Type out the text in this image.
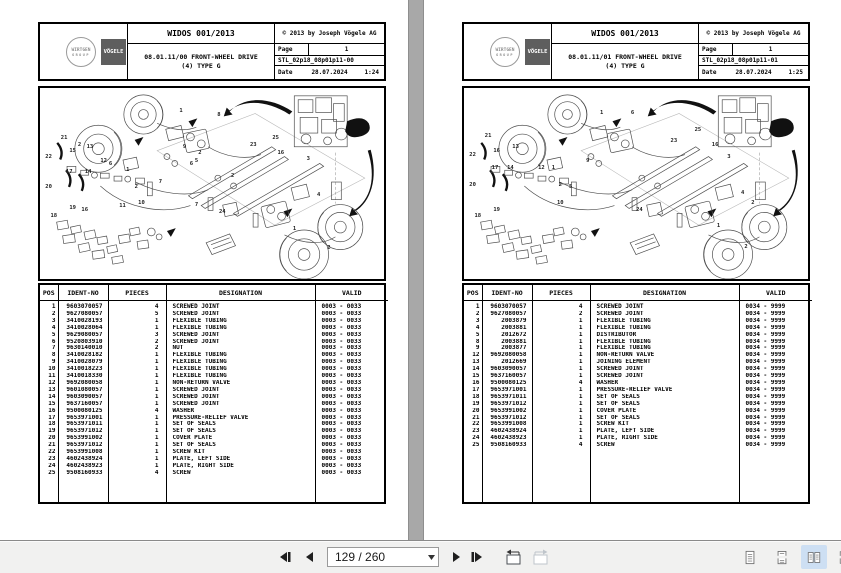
WIRTGEN
GROUP VÖGELE
WIDOS 001/2013
08.01.11/00 FRONT-WHEEL DRIVE
(4) TYPE G
© 2013 by Joseph Vögele AG
Page	1
STL_02p18_08p01p11-00
Date	28.07.2024	1:24
21
22
15
2 13
12
6
17 14
20
1
2
19
18
16
11
10
7
9
1
8
2
6
5
2
23
25
16
3
4
24
7
1
2
POS	IDENT-NO	PIECES	DESIGNATION	VALID
1	9603070057	4	SCREWED JOINT	0003 - 0033
2	9627080057	5	SCREWED JOINT	0003 - 0033
3	3410028193	1	FLEXIBLE TUBING	0003 - 0033
4	3410028064	1	FLEXIBLE TUBING	0003 - 0033
5	9629080057	3	SCREWED JOINT	0003 - 0033
6	9520803910	2	SCREWED JOINT	0003 - 0033
7	9630140010	2	NUT	0003 - 0033
8	3410028182	1	FLEXIBLE TUBING	0003 - 0033
9	3410028079	1	FLEXIBLE TUBING	0003 - 0033
10	3410018223	1	FLEXIBLE TUBING	0003 - 0033
11	3410018330	1	FLEXIBLE TUBING	0003 - 0033
12	9692080058	1	NON-RETURN VALVE	0003 - 0033
13	9601080057	1	SCREWED JOINT	0003 - 0033
14	9603090057	1	SCREWED JOINT	0003 - 0033
15	9637160057	1	SCREWED JOINT	0003 - 0033
16	9500080125	4	WASHER	0003 - 0033
17	9653971001	1	PRESSURE-RELIEF VALVE	0003 - 0033
18	9653971011	1	SET OF SEALS	0003 - 0033
19	9653971012	1	SET OF SEALS	0003 - 0033
20	9653991002	1	COVER PLATE	0003 - 0033
21	9653971012	1	SET OF SEALS	0003 - 0033
22	9653991008	1	SCREW KIT	0003 - 0033
23	4602438924	1	PLATE, LEFT SIDE	0003 - 0033
24	4602438923	1	PLATE, RIGHT SIDE	0003 - 0033
25	9508160933	4	SCREW	0003 - 0033

WIRTGEN
GROUP VÖGELE
WIDOS 001/2013
08.01.11/01 FRONT-WHEEL DRIVE
(4) TYPE G
© 2013 by Joseph Vögele AG
Page	1
STL_02p18_08p01p11-01
Date	28.07.2024	1:25
21
22
16
13
17 14
20
12 1
2 5
9
19
18
10
1	6
23
16
25
3
4
24
1
2
2
POS	IDENT-NO	PIECES	DESIGNATION	VALID
1	9603070057	4	SCREWED JOINT	0034 - 9999
2	9627080057	2	SCREWED JOINT	0034 - 9999
3	2003879	1	FLEXIBLE TUBING	0034 - 9999
4	2003881	1	FLEXIBLE TUBING	0034 - 9999
5	2012672	1	DISTRIBUTOR	0034 - 9999
8	2003881	1	FLEXIBLE TUBING	0034 - 9999
9	2003877	1	FLEXIBLE TUBING	0034 - 9999
12	9692080058	1	NON-RETURN VALVE	0034 - 9999
13	2012669	1	JOINING ELEMENT	0034 - 9999
14	9603090057	1	SCREWED JOINT	0034 - 9999
15	9637160057	1	SCREWED JOINT	0034 - 9999
16	9500080125	4	WASHER	0034 - 9999
17	9653971001	1	PRESSURE-RELIEF VALVE	0034 - 9999
18	9653971011	1	SET OF SEALS	0034 - 9999
19	9653971012	1	SET OF SEALS	0034 - 9999
20	9653991002	1	COVER PLATE	0034 - 9999
21	9653971012	1	SET OF SEALS	0034 - 9999
22	9653991008	1	SCREW KIT	0034 - 9999
23	4602438924	1	PLATE, LEFT SIDE	0034 - 9999
24	4602438923	1	PLATE, RIGHT SIDE	0034 - 9999
25	9508160933	4	SCREW	0034 - 9999

129 / 260
